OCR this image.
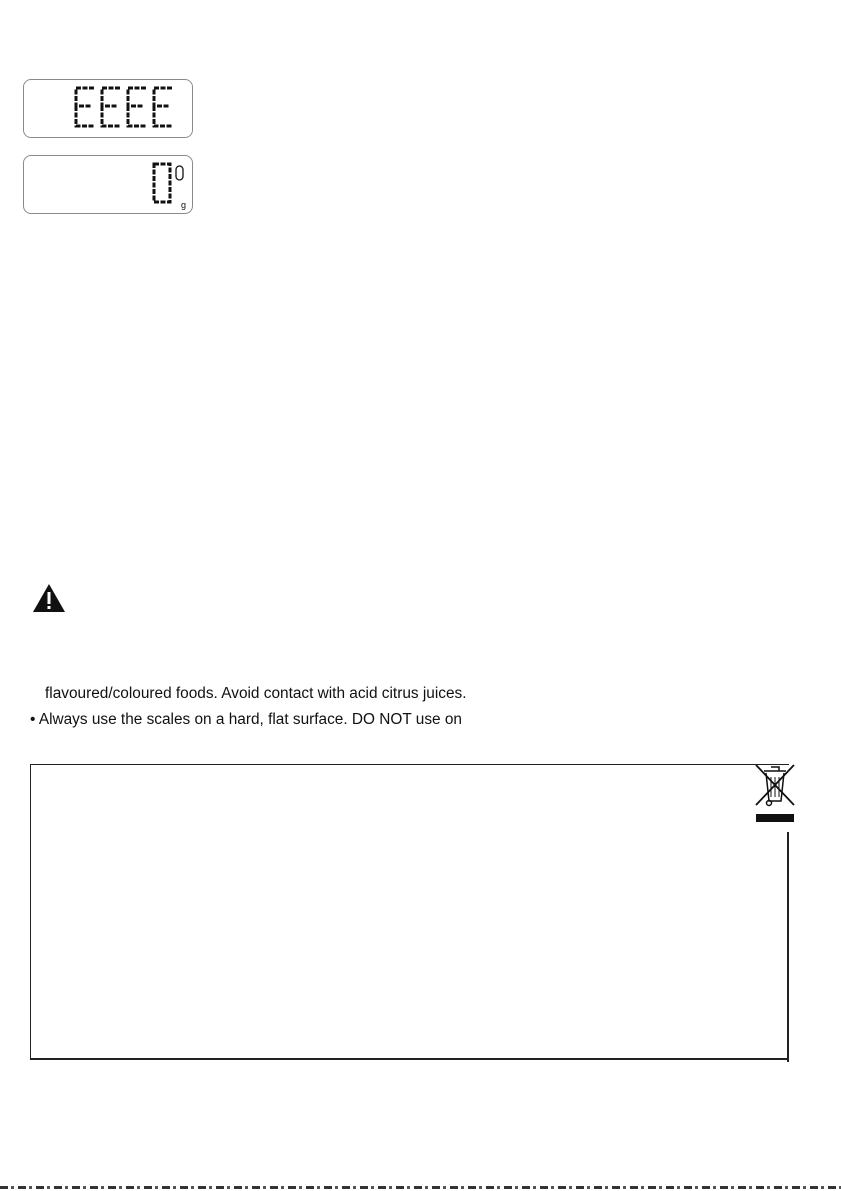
g
flavoured/coloured foods. Avoid contact with acid citrus juices.
• Always use the scales on a hard, flat surface. DO NOT use on
